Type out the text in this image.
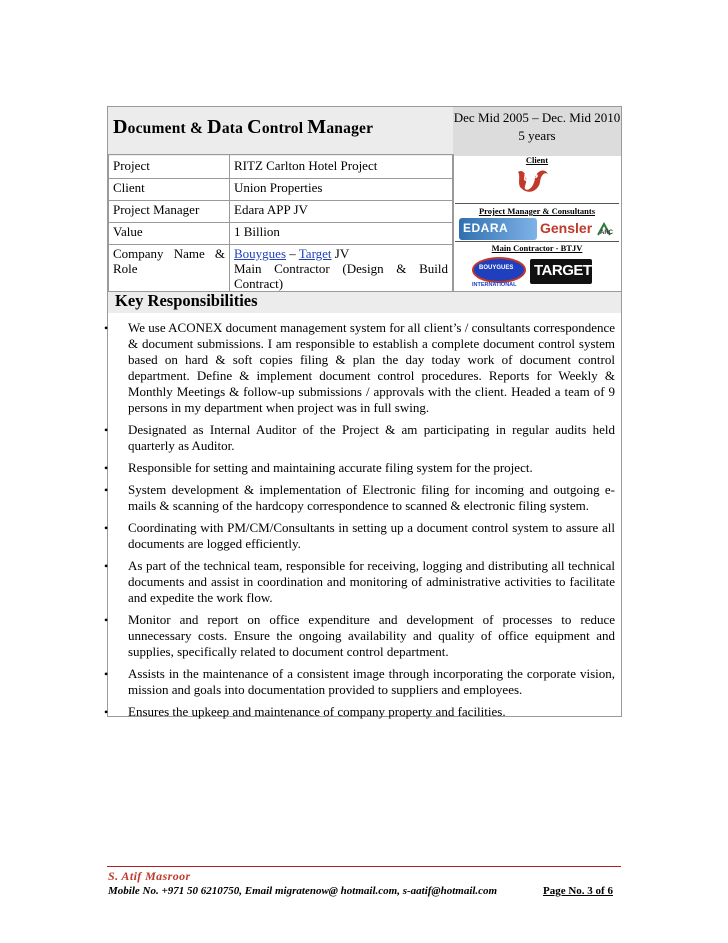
Document & Data Control Manager
Dec Mid 2005 – Dec. Mid 2010
5 years
Project	RITZ Carlton Hotel Project
Client	Union Properties
Project Manager	Edara APP JV
Value	1 Billion
Company Name & Role	Bouygues – Target JV

Main Contractor (Design & Build Contract)
Client
UP
Project Manager & Consultants
EDARA Gensler ARC
Main Contractor - BTJV
BOUYGUES
INTERNATIONAL
TARGET
Key Responsibilities
• We use ACONEX document management system for all client’s / consultants correspondence & document submissions. I am responsible to establish a complete document control system based on hard & soft copies filing & plan the day today work of document control department. Define & implement document control procedures. Reports for Weekly & Monthly Meetings & follow-up submissions / approvals with the client. Headed a team of 9 persons in my department when project was in full swing.
• Designated as Internal Auditor of the Project & am participating in regular audits held quarterly as Auditor.
• Responsible for setting and maintaining accurate filing system for the project.
• System development & implementation of Electronic filing for incoming and outgoing e-mails & scanning of the hardcopy correspondence to scanned & electronic filing system.
• Coordinating with PM/CM/Consultants in setting up a document control system to assure all documents are logged efficiently.
• As part of the technical team, responsible for receiving, logging and distributing all technical documents and assist in coordination and monitoring of administrative activities to facilitate and expedite the work flow.
• Monitor and report on office expenditure and development of processes to reduce unnecessary costs. Ensure the ongoing availability and quality of office equipment and supplies, specifically related to document control department.
• Assists in the maintenance of a consistent image through incorporating the corporate vision, mission and goals into documentation provided to suppliers and employees.
• Ensures the upkeep and maintenance of company property and facilities.
S. Atif Masroor
Mobile No. +971 50 6210750, Email migratenow@ hotmail.com, s-aatif@hotmail.com	Page No. 3 of 6
